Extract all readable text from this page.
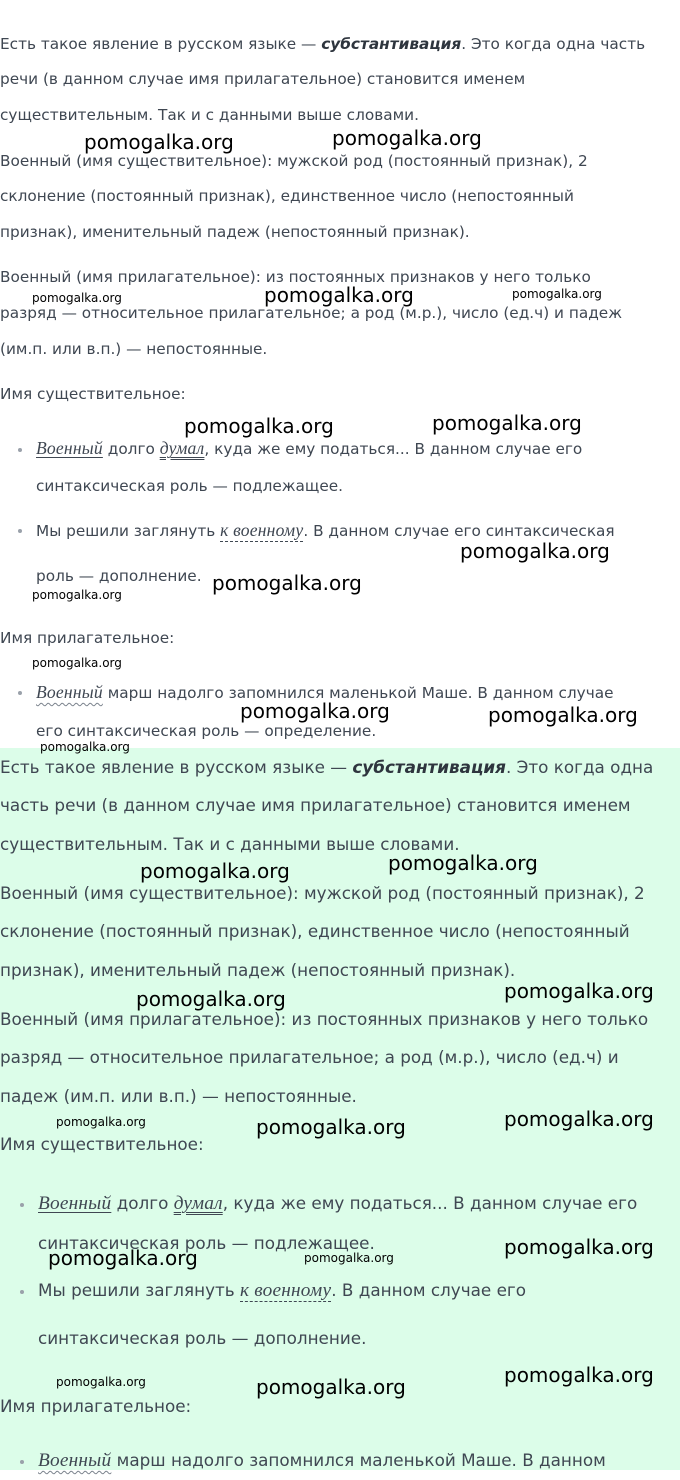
Есть такое явление в русском языке — субстантивация. Это когда одна часть

речи (в данном случае имя прилагательное) становится именем

существительным. Так и с данными выше словами.

Военный (имя существительное): мужской род (постоянный признак), 2

склонение (постоянный признак), единственное число (непостоянный

признак), именительный падеж (непостоянный признак).

Военный (имя прилагательное): из постоянных признаков у него только

разряд — относительное прилагательное; а род (м.р.), число (ед.ч) и падеж

(им.п. или в.п.) — непостоянные.

Имя существительное:

Военный долго думал, куда же ему податься... В данном случае его

синтаксическая роль — подлежащее.

Мы решили заглянуть к военному. В данном случае его синтаксическая

роль — дополнение.

Имя прилагательное:

Военный марш надолго запомнился маленькой Маше. В данном случае

его синтаксическая роль — определение.

Есть такое явление в русском языке — субстантивация. Это когда одна

часть речи (в данном случае имя прилагательное) становится именем

существительным. Так и с данными выше словами.

Военный (имя существительное): мужской род (постоянный признак), 2

склонение (постоянный признак), единственное число (непостоянный

признак), именительный падеж (непостоянный признак).

Военный (имя прилагательное): из постоянных признаков у него только

разряд — относительное прилагательное; а род (м.р.), число (ед.ч) и

падеж (им.п. или в.п.) — непостоянные.

Имя существительное:

Военный долго думал, куда же ему податься... В данном случае его

синтаксическая роль — подлежащее.

Мы решили заглянуть к военному. В данном случае его

синтаксическая роль — дополнение.

Имя прилагательное:

Военный марш надолго запомнился маленькой Маше. В данном

pomogalka.org	pomogalka.org
pomogalka.org	pomogalka.org	pomogalka.org
pomogalka.org	pomogalka.org
pomogalka.org
pomogalka.org
pomogalka.org
pomogalka.org
pomogalka.org	pomogalka.org
pomogalka.org
pomogalka.org	pomogalka.org
pomogalka.org	pomogalka.org
pomogalka.org	pomogalka.org	pomogalka.org
pomogalka.org
pomogalka.org	pomogalka.org
pomogalka.org	pomogalka.org	pomogalka.org
